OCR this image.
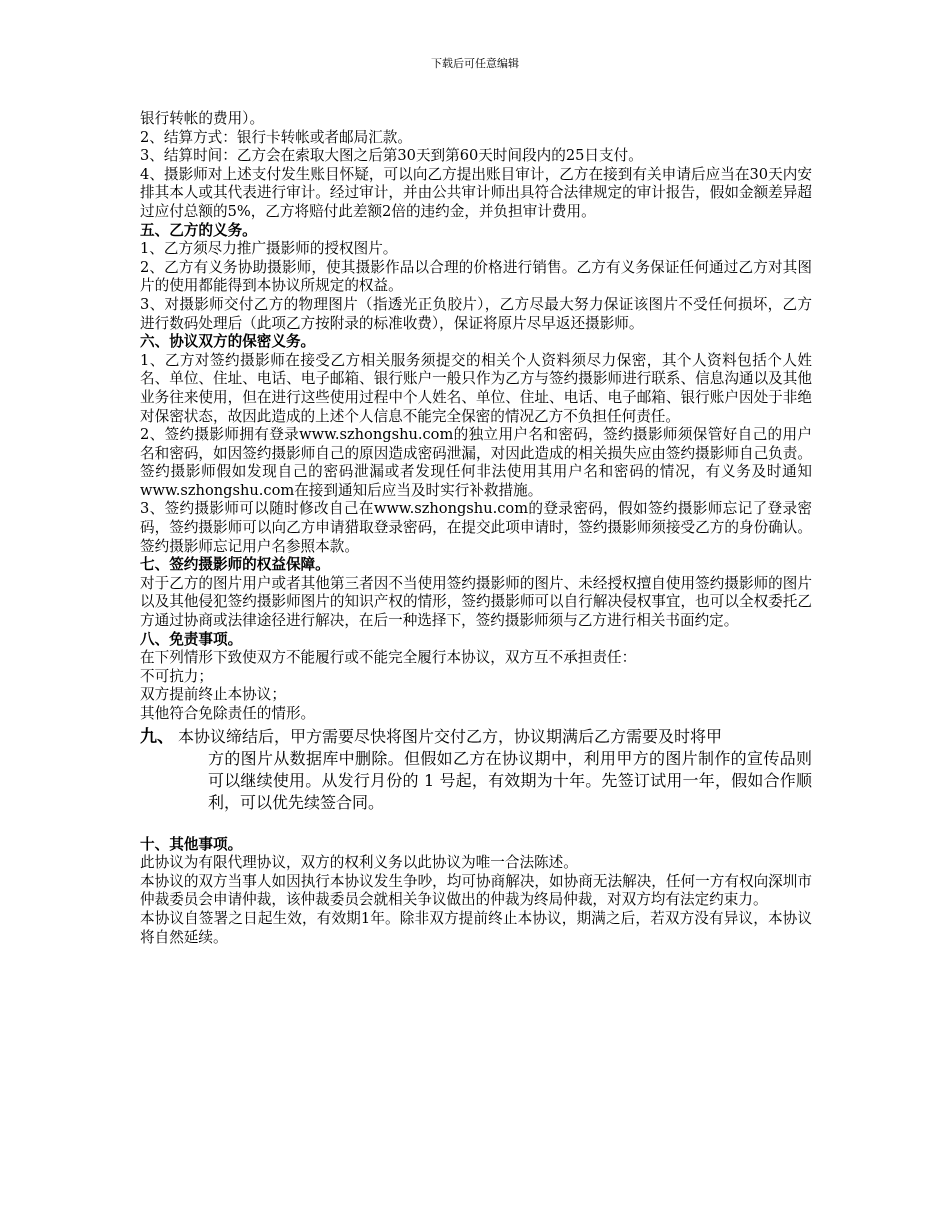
下载后可任意编辑

银行转帐的费用）。

2、结算方式：银行卡转帐或者邮局汇款。

3、结算时间：乙方会在索取大图之后第30天到第60天时间段内的25日支付。

4、摄影师对上述支付发生账目怀疑，可以向乙方提出账目审计，乙方在接到有关申请后应当在30天内安排其本人或其代表进行审计。经过审计，并由公共审计师出具符合法律规定的审计报告，假如金额差异超过应付总额的5%，乙方将赔付此差额2倍的违约金，并负担审计费用。

五、乙方的义务。

1、乙方须尽力推广摄影师的授权图片。

2、乙方有义务协助摄影师，使其摄影作品以合理的价格进行销售。乙方有义务保证任何通过乙方对其图片的使用都能得到本协议所规定的权益。

3、对摄影师交付乙方的物理图片（指透光正负胶片），乙方尽最大努力保证该图片不受任何损坏，乙方进行数码处理后（此项乙方按附录的标准收费），保证将原片尽早返还摄影师。

六、协议双方的保密义务。

1、乙方对签约摄影师在接受乙方相关服务须提交的相关个人资料须尽力保密，其个人资料包括个人姓名、单位、住址、电话、电子邮箱、银行账户一般只作为乙方与签约摄影师进行联系、信息沟通以及其他业务往来使用，但在进行这些使用过程中个人姓名、单位、住址、电话、电子邮箱、银行账户因处于非绝对保密状态，故因此造成的上述个人信息不能完全保密的情况乙方不负担任何责任。

2、签约摄影师拥有登录www.szhongshu.com的独立用户名和密码，签约摄影师须保管好自己的用户名和密码，如因签约摄影师自己的原因造成密码泄漏，对因此造成的相关损失应由签约摄影师自己负责。签约摄影师假如发现自己的密码泄漏或者发现任何非法使用其用户名和密码的情况，有义务及时通知www.szhongshu.com在接到通知后应当及时实行补救措施。

3、签约摄影师可以随时修改自己在www.szhongshu.com的登录密码，假如签约摄影师忘记了登录密码，签约摄影师可以向乙方申请猎取登录密码，在提交此项申请时，签约摄影师须接受乙方的身份确认。签约摄影师忘记用户名参照本款。

七、签约摄影师的权益保障。

对于乙方的图片用户或者其他第三者因不当使用签约摄影师的图片、未经授权擅自使用签约摄影师的图片以及其他侵犯签约摄影师图片的知识产权的情形，签约摄影师可以自行解决侵权事宜，也可以全权委托乙方通过协商或法律途径进行解决，在后一种选择下，签约摄影师须与乙方进行相关书面约定。

八、免责事项。

在下列情形下致使双方不能履行或不能完全履行本协议，双方互不承担责任：

不可抗力；

双方提前终止本协议；

其他符合免除责任的情形。

九、 本协议缔结后，甲方需要尽快将图片交付乙方，协议期满后乙方需要及时将甲
方的图片从数据库中删除。但假如乙方在协议期中，利用甲方的图片制作的宣传品则可以继续使用。从发行月份的 1 号起，有效期为十年。先签订试用一年，假如合作顺利，可以优先续签合同。

十、其他事项。

此协议为有限代理协议，双方的权利义务以此协议为唯一合法陈述。

本协议的双方当事人如因执行本协议发生争吵，均可协商解决，如协商无法解决，任何一方有权向深圳市仲裁委员会申请仲裁，该仲裁委员会就相关争议做出的仲裁为终局仲裁，对双方均有法定约束力。

本协议自签署之日起生效，有效期1年。除非双方提前终止本协议，期满之后，若双方没有异议，本协议将自然延续。
